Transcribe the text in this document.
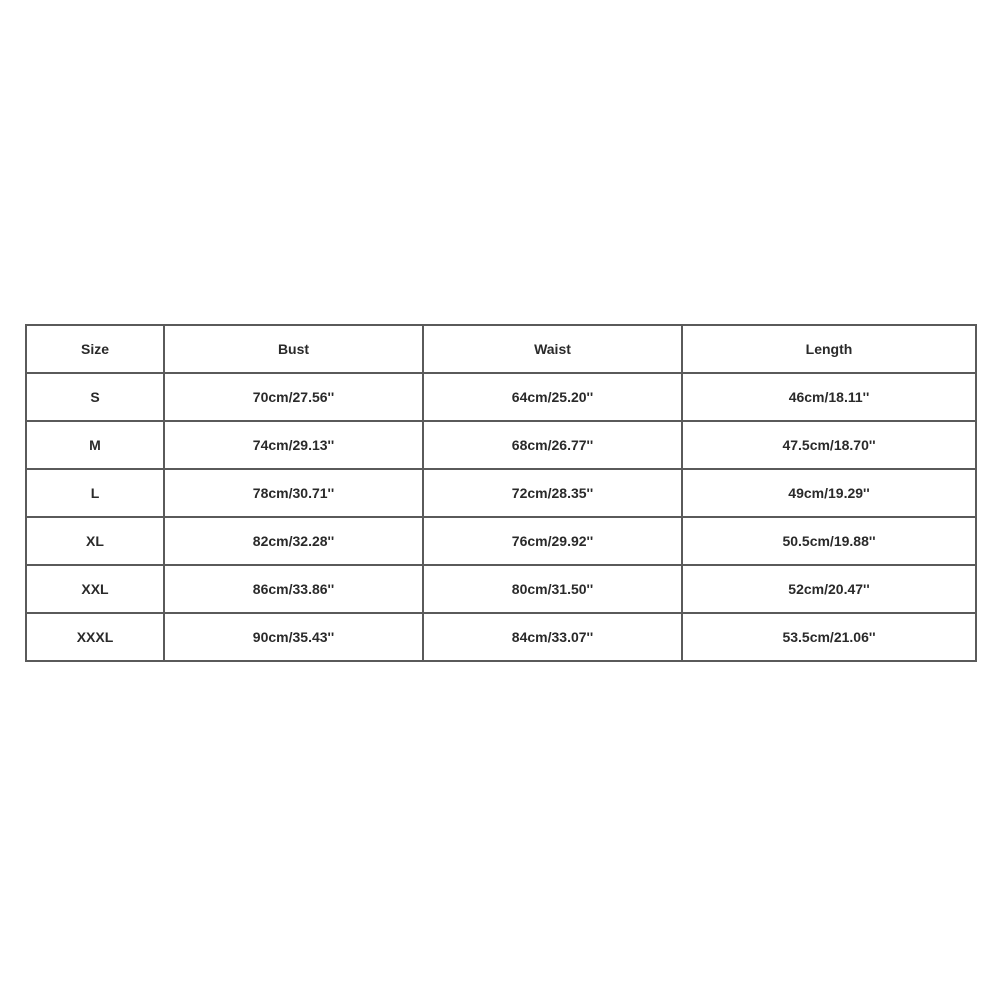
Size	Bust	Waist	Length
S	70cm/27.56''	64cm/25.20''	46cm/18.11''
M	74cm/29.13''	68cm/26.77''	47.5cm/18.70''
L	78cm/30.71''	72cm/28.35''	49cm/19.29''
XL	82cm/32.28''	76cm/29.92''	50.5cm/19.88''
XXL	86cm/33.86''	80cm/31.50''	52cm/20.47''
XXXL	90cm/35.43''	84cm/33.07''	53.5cm/21.06''
